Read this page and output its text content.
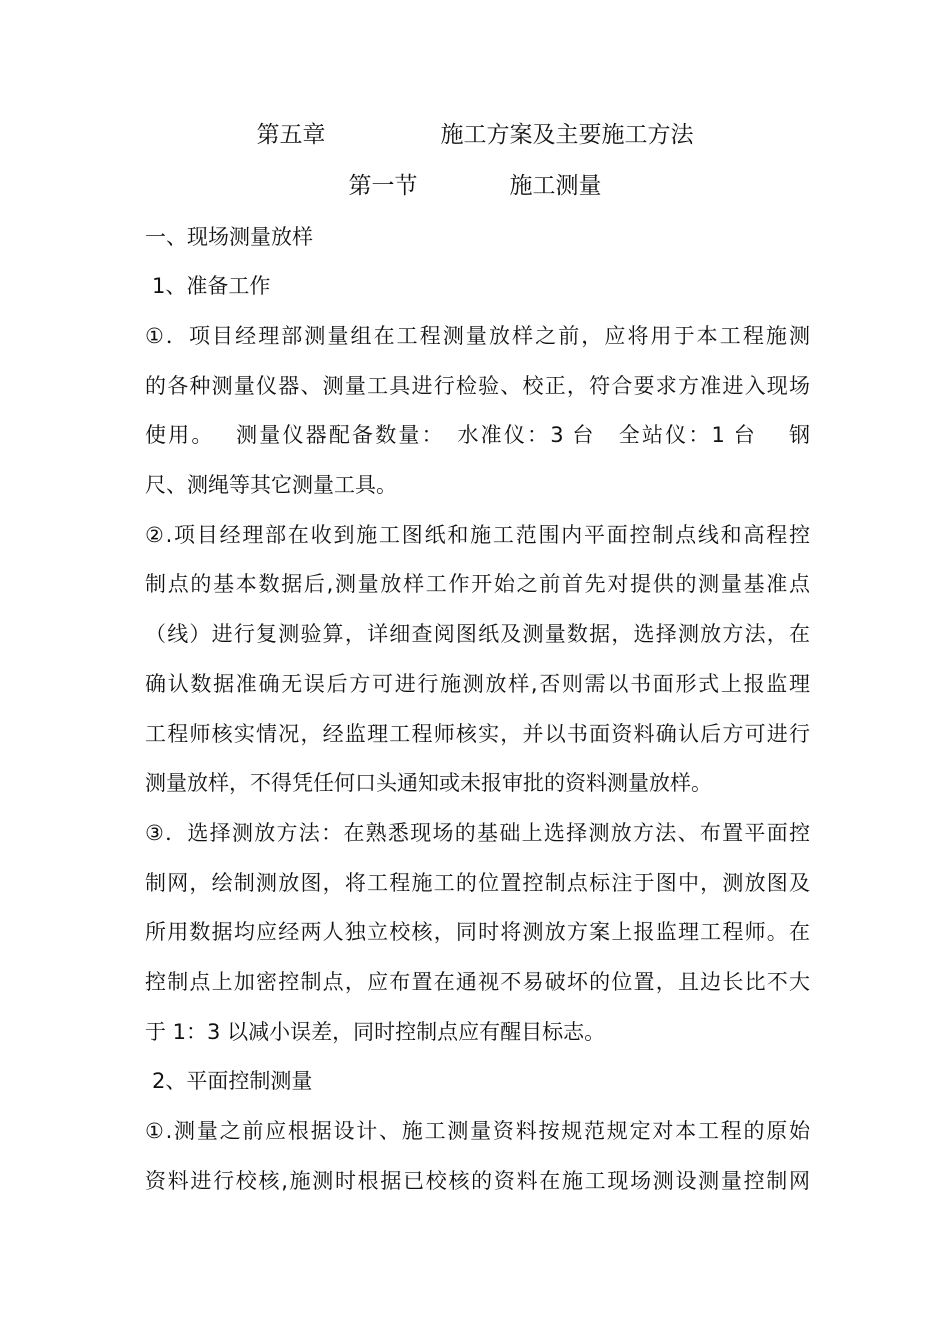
第五章　　　　　施工方案及主要施工方法
第一节　　　　施工测量
一、现场测量放样
1、准备工作
①．项目经理部测量组在工程测量放样之前，应将用于本工程施测
的各种测量仪器、测量工具进行检验、校正，符合要求方准进入现场
使用。　 测量仪器配备数量：　水准仪：3 台　全站仪：1 台　 钢
尺、测绳等其它测量工具。
②.项目经理部在收到施工图纸和施工范围内平面控制点线和高程控
制点的基本数据后,测量放样工作开始之前首先对提供的测量基准点
（线）进行复测验算，详细查阅图纸及测量数据，选择测放方法，在
确认数据准确无误后方可进行施测放样,否则需以书面形式上报监理
工程师核实情况，经监理工程师核实，并以书面资料确认后方可进行
测量放样，不得凭任何口头通知或未报审批的资料测量放样。
③．选择测放方法：在熟悉现场的基础上选择测放方法、布置平面控
制网，绘制测放图，将工程施工的位置控制点标注于图中，测放图及
所用数据均应经两人独立校核，同时将测放方案上报监理工程师。在
控制点上加密控制点，应布置在通视不易破坏的位置，且边长比不大
于 1：3 以减小误差，同时控制点应有醒目标志。
2、平面控制测量
①.测量之前应根据设计、施工测量资料按规范规定对本工程的原始
资料进行校核,施测时根据已校核的资料在施工现场测设测量控制网
